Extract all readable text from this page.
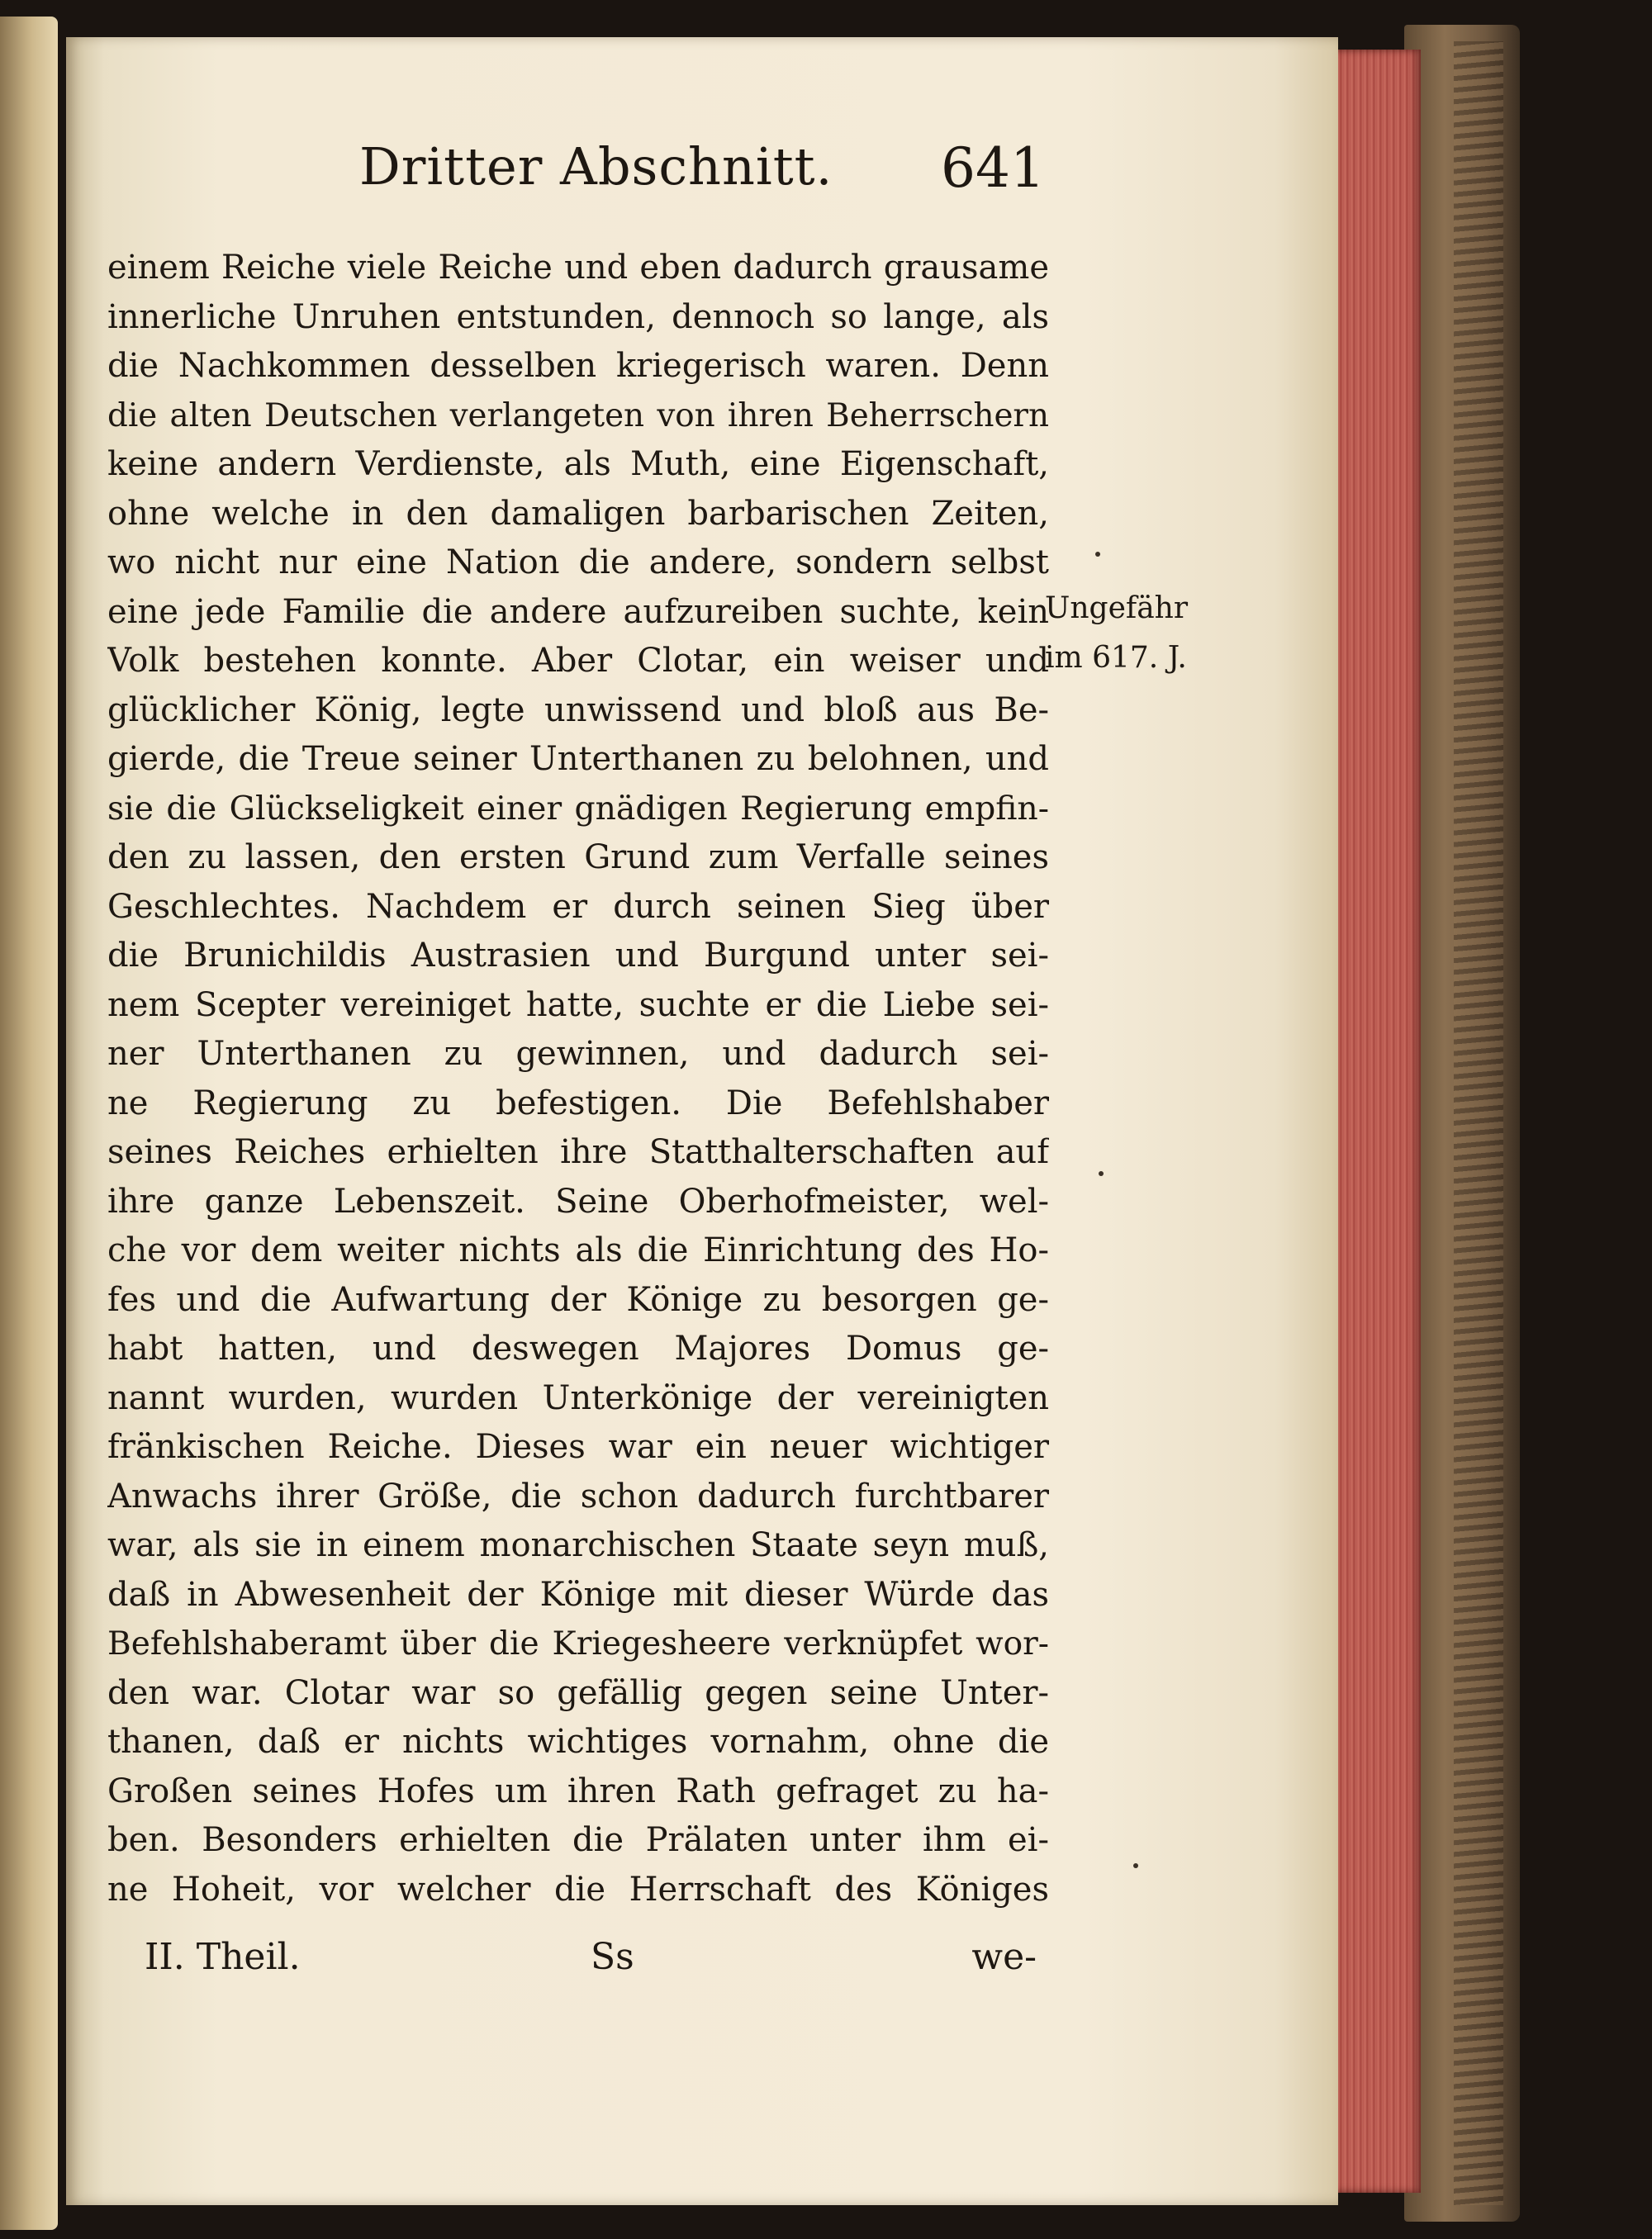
Dritter Abschnitt. 641
einem Reiche viele Reiche und eben dadurch grausame
innerliche Unruhen entstunden, dennoch so lange, als
die Nachkommen desselben kriegerisch waren. Denn
die alten Deutschen verlangeten von ihren Beherrschern
keine andern Verdienste, als Muth, eine Eigenschaft,
ohne welche in den damaligen barbarischen Zeiten,
wo nicht nur eine Nation die andere, sondern selbst
eine jede Familie die andere aufzureiben suchte, kein
Volk bestehen konnte. Aber Clotar, ein weiser und
glücklicher König, legte unwissend und bloß aus Be-
gierde, die Treue seiner Unterthanen zu belohnen, und
sie die Glückseligkeit einer gnädigen Regierung empfin-
den zu lassen, den ersten Grund zum Verfalle seines
Geschlechtes. Nachdem er durch seinen Sieg über
die Brunichildis Austrasien und Burgund unter sei-
nem Scepter vereiniget hatte, suchte er die Liebe sei-
ner Unterthanen zu gewinnen, und dadurch sei-
ne Regierung zu befestigen. Die Befehlshaber
seines Reiches erhielten ihre Statthalterschaften auf
ihre ganze Lebenszeit. Seine Oberhofmeister, wel-
che vor dem weiter nichts als die Einrichtung des Ho-
fes und die Aufwartung der Könige zu besorgen ge-
habt hatten, und deswegen Majores Domus ge-
nannt wurden, wurden Unterkönige der vereinigten
fränkischen Reiche. Dieses war ein neuer wichtiger
Anwachs ihrer Größe, die schon dadurch furchtbarer
war, als sie in einem monarchischen Staate seyn muß,
daß in Abwesenheit der Könige mit dieser Würde das
Befehlshaberamt über die Kriegesheere verknüpfet wor-
den war. Clotar war so gefällig gegen seine Unter-
thanen, daß er nichts wichtiges vornahm, ohne die
Großen seines Hofes um ihren Rath gefraget zu ha-
ben. Besonders erhielten die Prälaten unter ihm ei-
ne Hoheit, vor welcher die Herrschaft des Königes
Ungefähr
im 617. J.
II. Theil.	Ss	we-
